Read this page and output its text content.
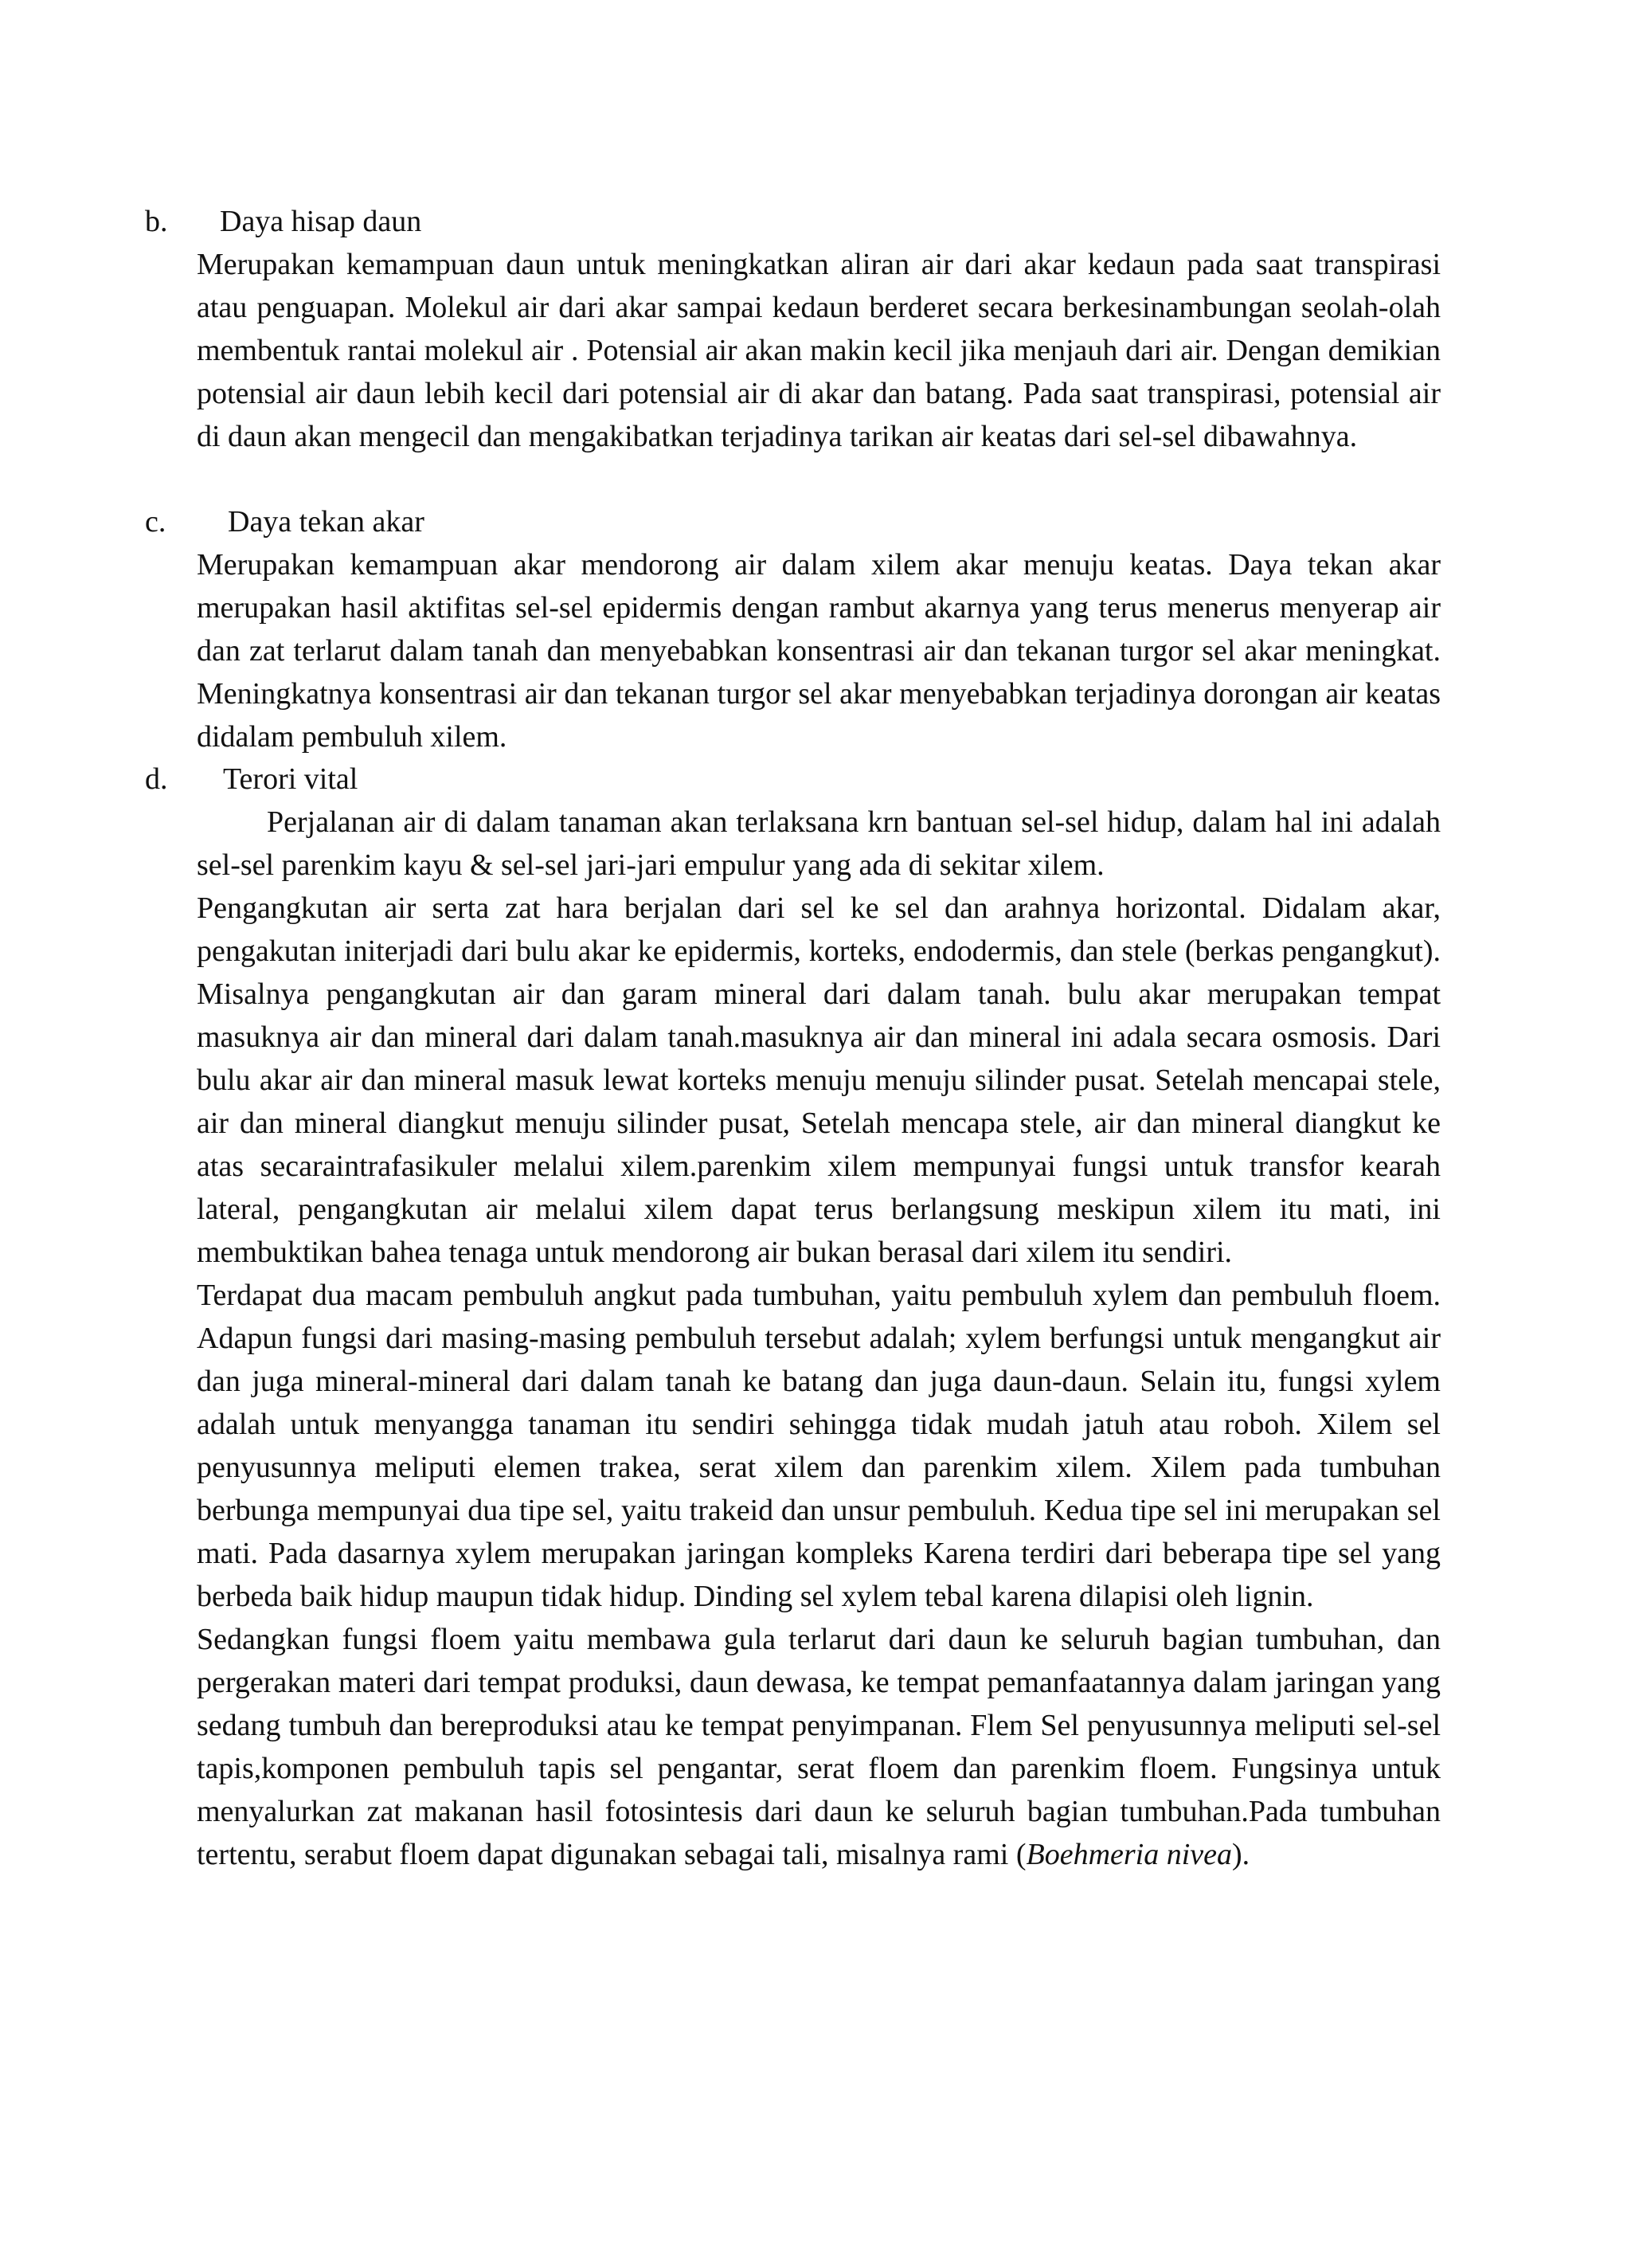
b. Daya hisap daun

Merupakan kemampuan daun untuk meningkatkan aliran air dari akar kedaun pada saat transpirasi atau penguapan. Molekul air dari akar sampai kedaun berderet secara berkesinambungan seolah-olah membentuk rantai molekul air . Potensial air akan makin kecil jika menjauh dari air. Dengan demikian potensial air daun lebih kecil dari potensial air di akar dan batang. Pada saat transpirasi, potensial air di daun akan mengecil dan mengakibatkan terjadinya tarikan air keatas dari sel-sel dibawahnya.

c. Daya tekan akar

Merupakan kemampuan akar mendorong air dalam xilem akar menuju keatas. Daya tekan akar merupakan hasil aktifitas sel-sel epidermis dengan rambut akarnya yang terus menerus menyerap air dan zat terlarut dalam tanah dan menyebabkan konsentrasi air dan tekanan turgor sel akar meningkat. Meningkatnya konsentrasi air dan tekanan turgor sel akar menyebabkan terjadinya dorongan air keatas didalam pembuluh xilem.

d. Terori vital

Perjalanan air di dalam tanaman akan terlaksana krn bantuan sel-sel hidup, dalam hal ini adalah sel-sel parenkim kayu & sel-sel jari-jari empulur yang ada di sekitar xilem.

Pengangkutan air serta zat hara berjalan dari sel ke sel dan arahnya horizontal. Didalam akar, pengakutan initerjadi dari bulu akar ke epidermis, korteks, endodermis, dan stele (berkas pengangkut). Misalnya pengangkutan air dan garam mineral dari dalam tanah. bulu akar merupakan tempat masuknya air dan mineral dari dalam tanah.masuknya air dan mineral ini adala secara osmosis. Dari bulu akar air dan mineral masuk lewat korteks menuju menuju silinder pusat. Setelah mencapai stele, air dan mineral diangkut menuju silinder pusat, Setelah mencapa stele, air dan mineral diangkut ke atas secaraintrafasikuler melalui xilem.parenkim xilem mempunyai fungsi untuk transfor kearah lateral, pengangkutan air melalui xilem dapat terus berlangsung meskipun xilem itu mati, ini membuktikan bahea tenaga untuk mendorong air bukan berasal dari xilem itu sendiri.

Terdapat dua macam pembuluh angkut pada tumbuhan, yaitu pembuluh xylem dan pembuluh floem. Adapun fungsi dari masing-masing pembuluh tersebut adalah; xylem berfungsi untuk mengangkut air dan juga mineral-mineral dari dalam tanah ke batang dan juga daun-daun. Selain itu, fungsi xylem adalah untuk menyangga tanaman itu sendiri sehingga tidak mudah jatuh atau roboh. Xilem sel penyusunnya meliputi elemen trakea, serat xilem dan parenkim xilem. Xilem pada tumbuhan berbunga mempunyai dua tipe sel, yaitu trakeid dan unsur pembuluh. Kedua tipe sel ini merupakan sel mati. Pada dasarnya xylem merupakan jaringan kompleks Karena terdiri dari beberapa tipe sel yang berbeda baik hidup maupun tidak hidup. Dinding sel xylem tebal karena dilapisi oleh lignin.

Sedangkan fungsi floem yaitu membawa gula terlarut dari daun ke seluruh bagian tumbuhan, dan pergerakan materi dari tempat produksi, daun dewasa, ke tempat pemanfaatannya dalam jaringan yang sedang tumbuh dan bereproduksi atau ke tempat penyimpanan. Flem Sel penyusunnya meliputi sel-sel tapis,komponen pembuluh tapis sel pengantar, serat floem dan parenkim floem. Fungsinya untuk menyalurkan zat makanan hasil fotosintesis dari daun ke seluruh bagian tumbuhan.Pada tumbuhan tertentu, serabut floem dapat digunakan sebagai tali, misalnya rami (Boehmeria nivea).
